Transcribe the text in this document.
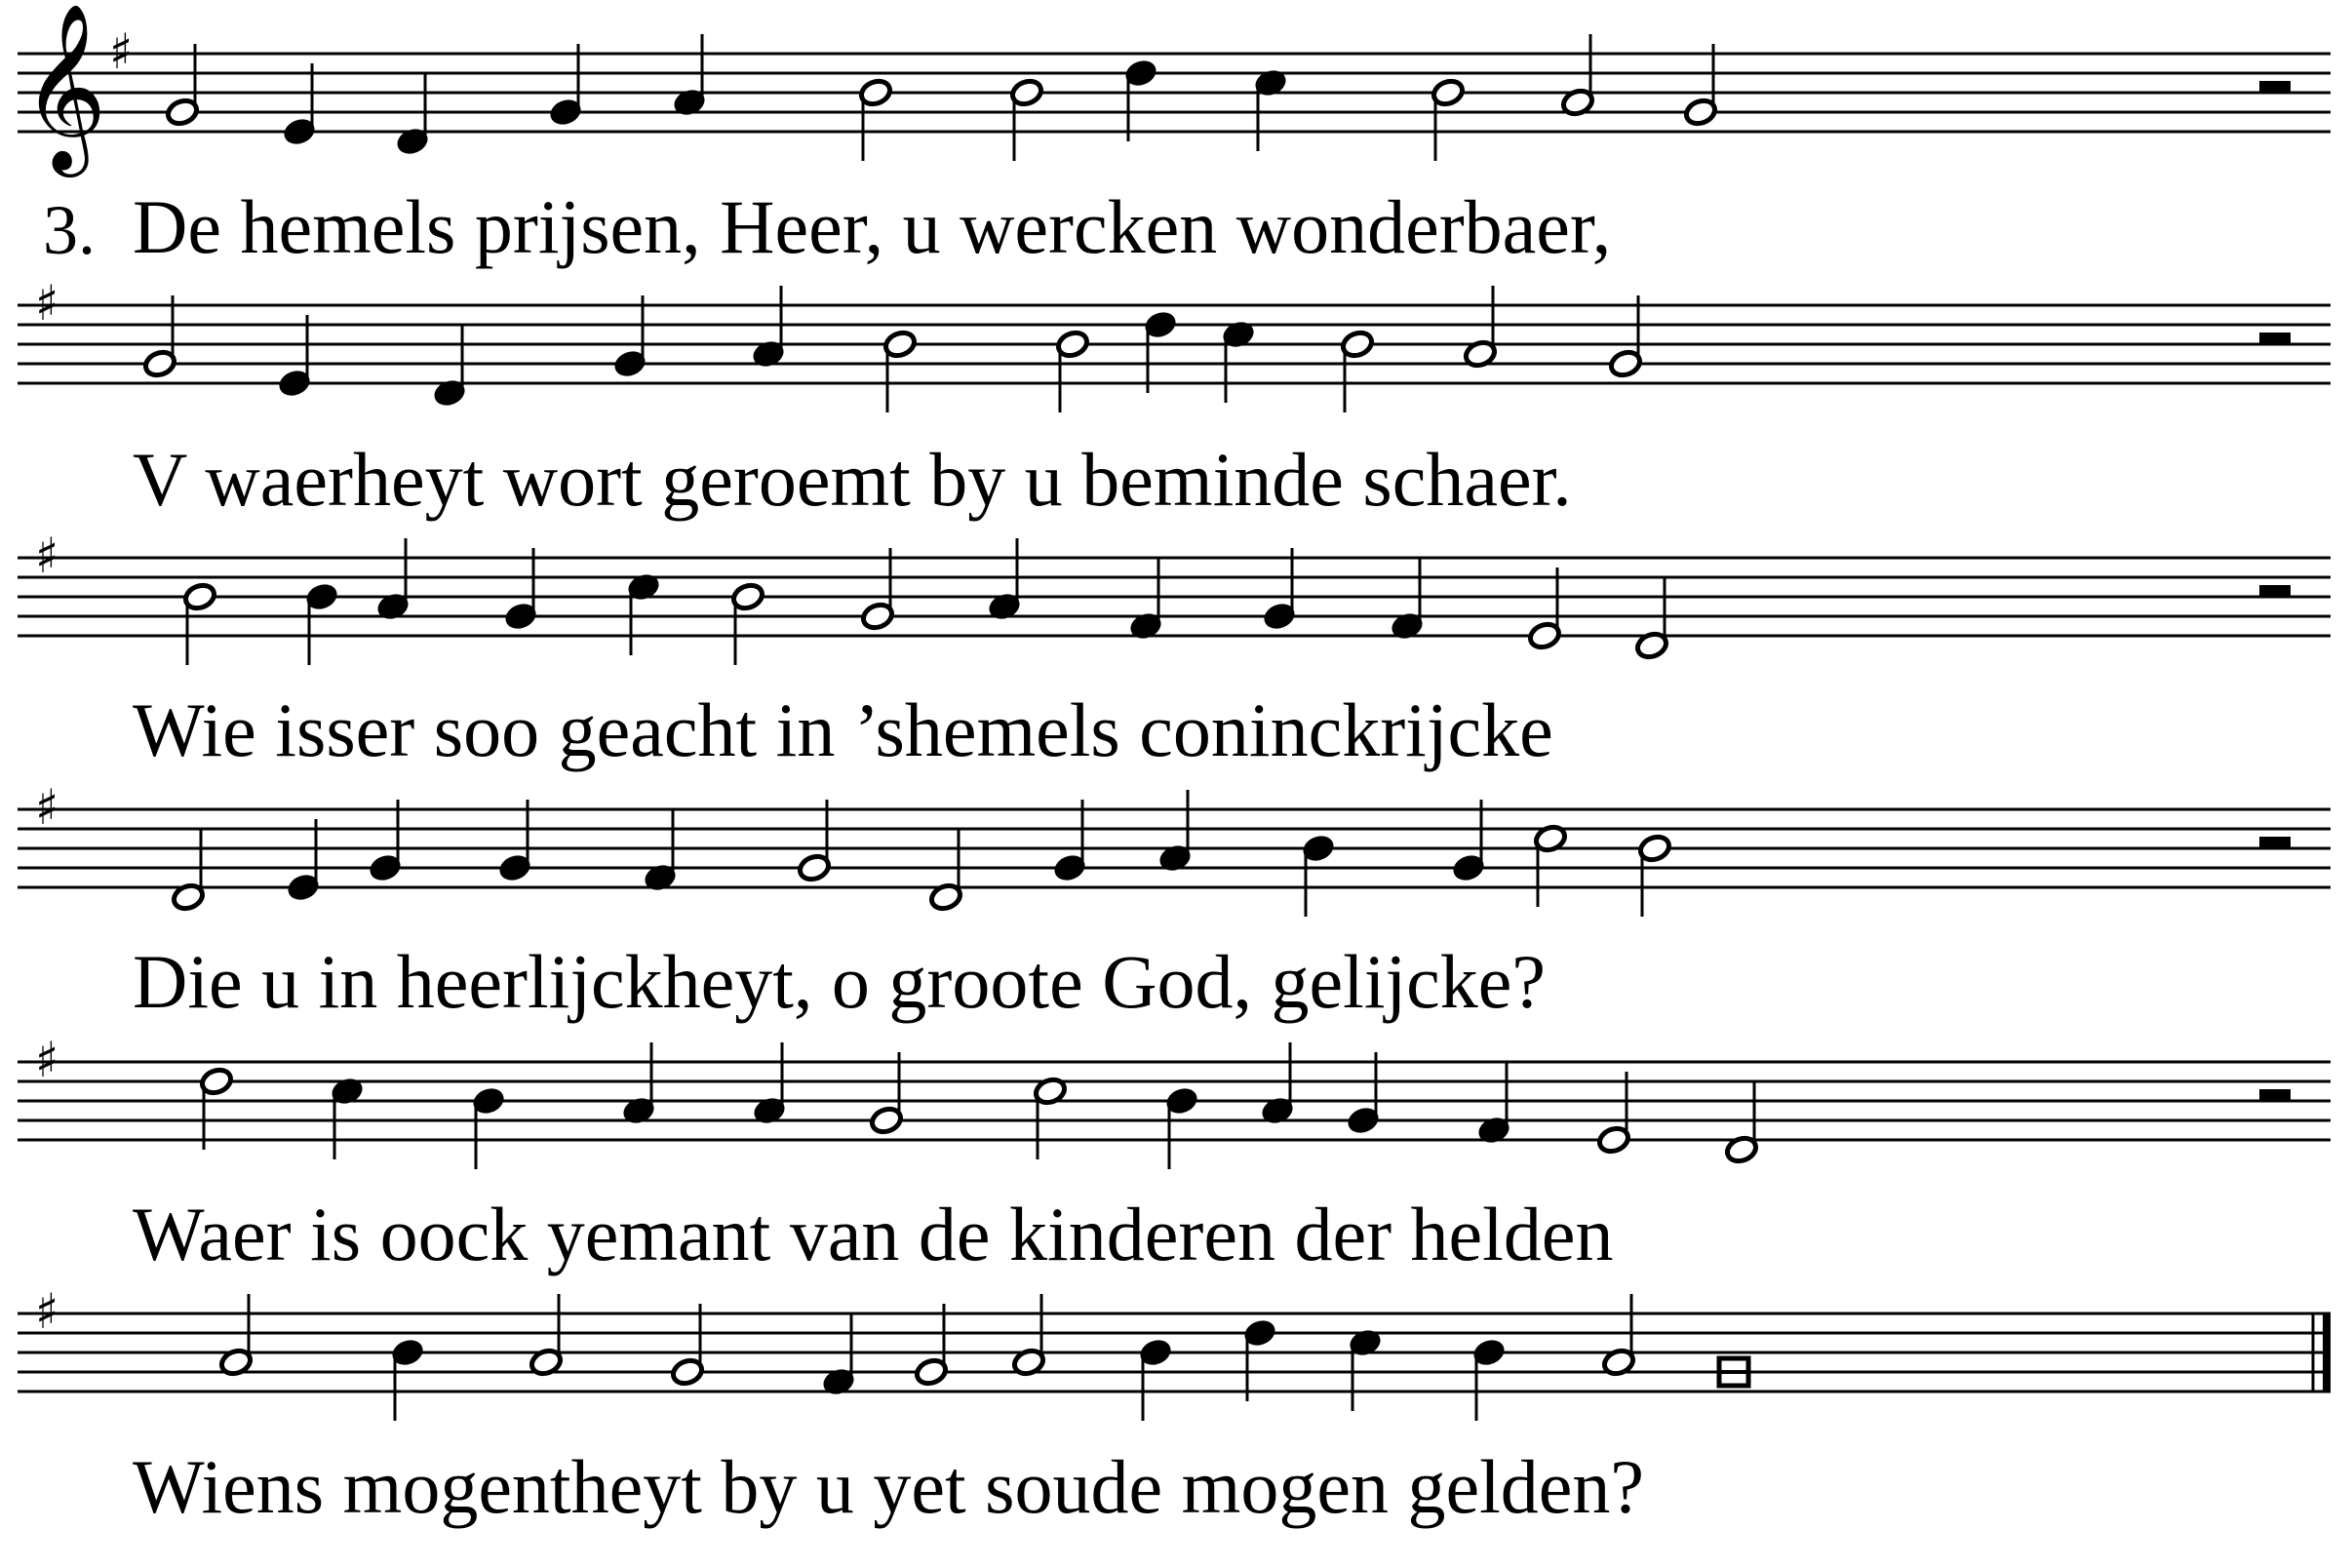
𝄞 ♯
♯
♯
♯
♯
♯
3. De hemels prijsen, Heer, u wercken wonderbaer,
V waerheyt wort geroemt by u beminde schaer.
Wie isser soo geacht in ’shemels coninckrijcke
Die u in heerlijckheyt, o groote God, gelijcke?
Waer is oock yemant van de kinderen der helden
Wiens mogentheyt by u yet soude mogen gelden?
